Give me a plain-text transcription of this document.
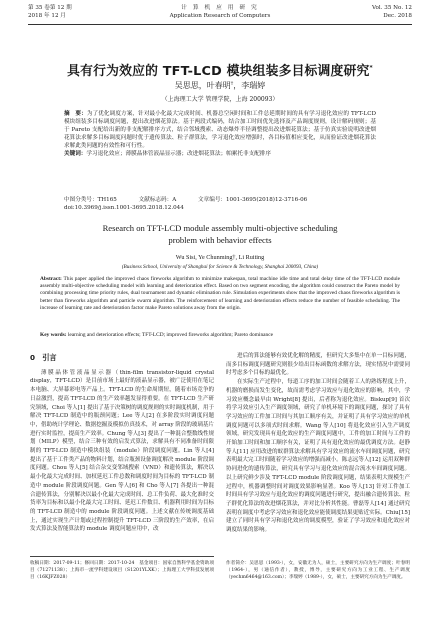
第 35 卷第 12 期
2018 年 12 月
计 算 机 应 用 研 究
Application Research of Computers
Vol. 35 No. 12
Dec. 2018
具有行为效应的 TFT-LCD 模块组装多目标调度研究*
吴思思，叶春明†，李瑞婷
（上海理工大学 管理学院，上海 200093）
摘　要：为了优化调度方案，针对最小化最大完成时间、机器总空闲时间和工件总延期时间的具有学习退化效应的 TFT-LCD 模块组装多目标调度问题，提出改进烟花算法。基于两段式编码，结合加工时间优先选择及产品调度规则，设计解码规则；基于 Pareto 支配给出新的非支配解排序方式，结合邻域搜索、动态爆炸半径调整提出改进烟花算法；基于仿真实验说明改进烟花算法求解多目标调度问题时优于遗传算法、粒子群算法，学习退化效应增强时，各目标值相应变化，从而验证改进烟花算法求解此类问题的有效性和可行性。
关键词：学习退化效应；薄膜晶体管液晶显示器；改进烟花算法；帕累托非支配排序
中图分类号：TH165	文献标志码：A	文章编号：1001-3695(2018)12-3716-06
doi:10.3969/j.issn.1001-3695.2018.12.044
Research on TFT-LCD module assembly multi-objective scheduling
problem with behavior effects
Wu Sisi, Ye Chunming†, Li Ruiting
(Business School, University of Shanghai for Science & Technology, Shanghai 200093, China)
Abstract: This paper applied the improved chaos fireworks algorithm to minimize makespan, total machine idle time and total delay time of the TFT-LCD module assembly multi-objective scheduling model with learning and deterioration effect. Based on two segment encoding, the algorithm could construct the Pareto model by combining processing time priority rules, dual tournament and dynamic elimination rule. Simulation experiments show that the improved chaos fireworks algorithm is better than fireworks algorithm and particle swarm algorithm. The reinforcement of learning and deterioration effects reduce the number of feasible scheduling. The increase of learning rate and deterioration factor make Pareto solutions away from the origin.
Key words: learning and deterioration effects; TFT-LCD; improved fireworks algorithm; Pareto dominance
0　引言

薄膜晶体管液晶显示器（thin-film transistor-liquid crystal display，TFT-LCD）是目前市场上最好的液晶显示器，被广泛使用在笔记本电脑、大屏幕彩电等产品上。TFT-LCD 的生命周期短，随着市场竞争的日益激烈，提高 TFT-LCD 的生产效率越发显得重要。在 TFT-LCD 生产研究领域，Choi 等人[1] 提出了基于决策树的调度规则的实时调度机制，用于解决 TFT-LCD 制造中的瓶颈问题；Lee 等人[2] 在多阶段实时调度问题中，借助统计学理论、数据挖掘及模拟仿真技术，对 array 阶段的玻璃基片进行实时监控，提高生产效率。Chung 等人[3] 提出了一种混合整数线性规划（MILP）模型，结合三种有效的启发式算法，求解具有不同准备时间限制的 TFT-LCD 制造中模块组装（module）阶段调度问题。Lin 等人[4] 提出了基于工件类产品的物料计划，结合瓶颈设备调度解决 module 阶段调度问题。Chou 等人[5] 结合杂交变邻域搜索（VND）和遗传算法，解决以最小化最大完成时间、加权延迟工件总数和调度时间为目标的 TFT-LCD 制造中 module 阶段调度问题。Gen 等人[6] 和 Cho 等人[7] 各提出一种混合遗传算法，分别解决以最小化最大完成时间、总工件负荷、最大化准时交货率为目标和以最小化最大完工时间、延迟工件数目、机器利用时间为目标的 TFT-LCD 制造中的 module 阶段调度问题。上述文献在传统调度基础上，通过实现生产计划或过程控制提升 TFT-LCD 三阶段的生产效率，在启发式算法及智能算法的 module 调度问题应用中，改

进后的算法能够有效优化解的精度，但研究大多集中在单一目标问题，而多目标调度问题研究则很少给出目标函数的求解方法，现实情况中需要同时考虑多个目标的最优化。

在实际生产过程中，每道工序的加工时间会随着工人的熟练程度上升，机器的磨损而发生变化，故而需考虑学习效应与退化效应的影响。其中，学习效应概念最早由 Wright[8] 提出，后者称为退化效应。Biskup[9] 首次将学习效应引入生产调度领域，研究了单机环境下的调度问题，探讨了具有学习效应的工件加工时间与其加工顺序有关，并证明了具有学习效应的单机调度问题可以多项式时间求解。Wang 等人[10] 将退化效应引入生产调度领域，研究发现具有退化效应的生产调度问题中，工件的加工时间与工件的开始加工时间和加工顺序有关，证明了具有退化效应的最优调度方法。赵静等人[11] 应用改进的蚁群算法求解具有学习效应的流水车间调度问题，研究表明最大完工时间随着学习效应的增强而减小。陈志远等人[12] 运用双种群协同进化的遗传算法，研究具有学习与退化效应的混合流水车间调度问题。以上研究鲜少涉及 TFT-LCD module 阶段调度问题，结果表明大规模生产过程中，机器调整时间对调度效果影响显著。Koo 等人[13] 针对工件加工时间具有学习效应与退化效应的调度问题进行研究，提出融合遗传算法、粒子群优化算法的改进烟花算法，并对比分析其性能。曹磊等人[14] 通过研究表明在调度中考虑学习效应和退化效应能使调度结果更贴近实际。Chiu[15] 建立了同时具有学习和退化效应的调度模型，验证了学习效应和退化效应对调度结果的影响。

收稿日期：2017-09-11；修回日期：2017-10-24　基金项目：国家自然科学基金资助项目（71271138）；上海市一流学科建设项目（S1201YLXK）；上海理工大学科技发展项目（16KJFZ028）
作者简介：吴思思（1993-），女，安徽无为人，硕士，主要研究方向为生产调度；叶春明（1964-），男（通信作者），教授，博导，主要研究方向为工业工程、生产调度（yechm6464@163.com）；李瑞婷（1989-），女，硕士，主要研究方向为生产调度。
